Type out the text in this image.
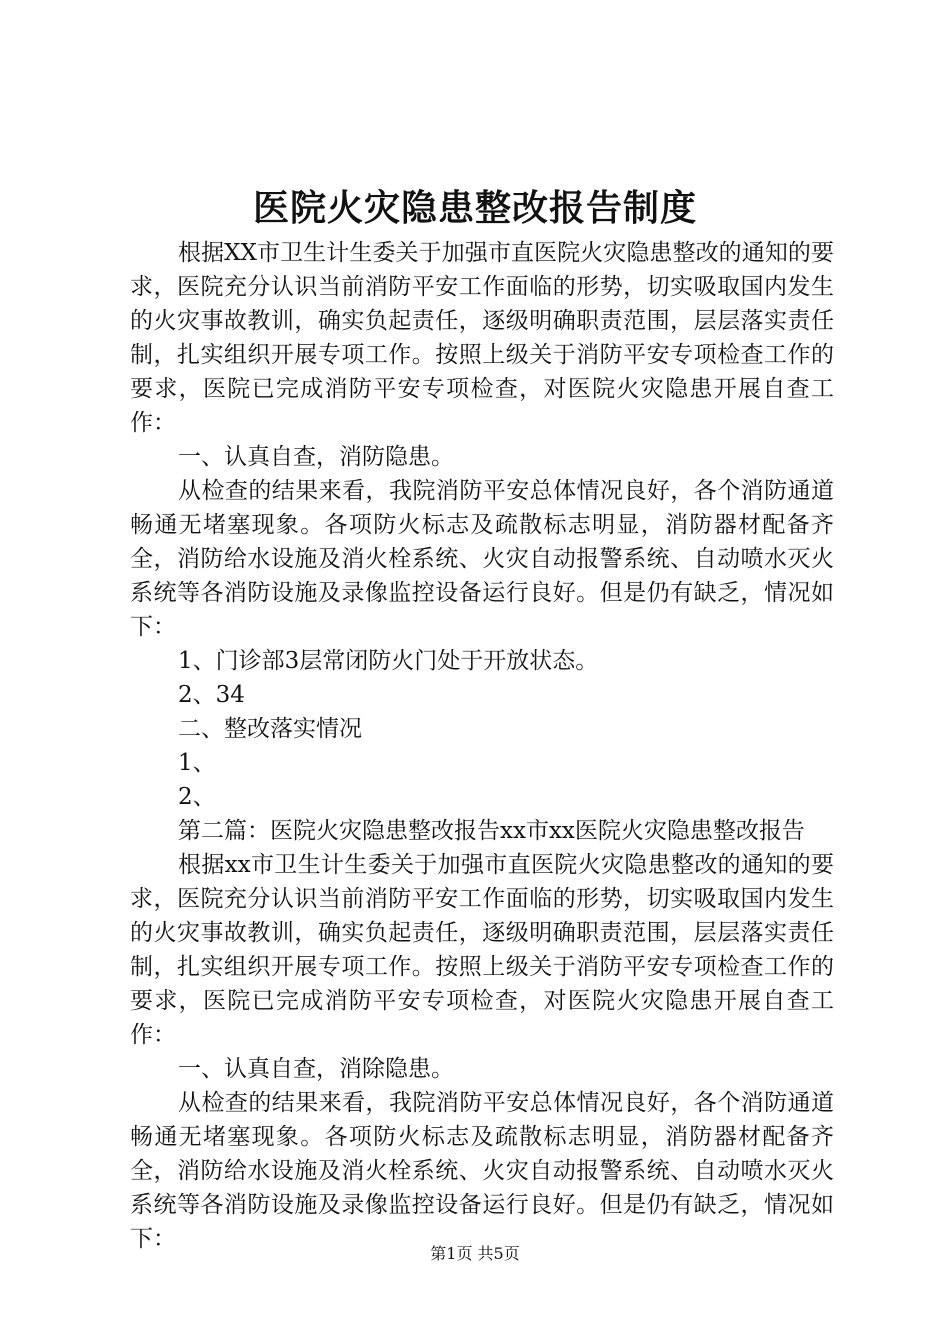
医院火灾隐患整改报告制度

根据XX市卫生计生委关于加强市直医院火灾隐患整改的通知的要求，医院充分认识当前消防平安工作面临的形势，切实吸取国内发生的火灾事故教训，确实负起责任，逐级明确职责范围，层层落实责任制，扎实组织开展专项工作。按照上级关于消防平安专项检查工作的要求，医院已完成消防平安专项检查，对医院火灾隐患开展自查工作：

一、认真自查，消防隐患。

从检查的结果来看，我院消防平安总体情况良好，各个消防通道畅通无堵塞现象。各项防火标志及疏散标志明显，消防器材配备齐全，消防给水设施及消火栓系统、火灾自动报警系统、自动喷水灭火系统等各消防设施及录像监控设备运行良好。但是仍有缺乏，情况如下：

1、门诊部3层常闭防火门处于开放状态。

2、34

二、整改落实情况

1、

2、

第二篇：医院火灾隐患整改报告xx市xx医院火灾隐患整改报告

根据xx市卫生计生委关于加强市直医院火灾隐患整改的通知的要求，医院充分认识当前消防平安工作面临的形势，切实吸取国内发生的火灾事故教训，确实负起责任，逐级明确职责范围，层层落实责任制，扎实组织开展专项工作。按照上级关于消防平安专项检查工作的要求，医院已完成消防平安专项检查，对医院火灾隐患开展自查工作：

一、认真自查，消除隐患。

从检查的结果来看，我院消防平安总体情况良好，各个消防通道畅通无堵塞现象。各项防火标志及疏散标志明显，消防器材配备齐全，消防给水设施及消火栓系统、火灾自动报警系统、自动喷水灭火系统等各消防设施及录像监控设备运行良好。但是仍有缺乏，情况如下：

第1页 共5页
